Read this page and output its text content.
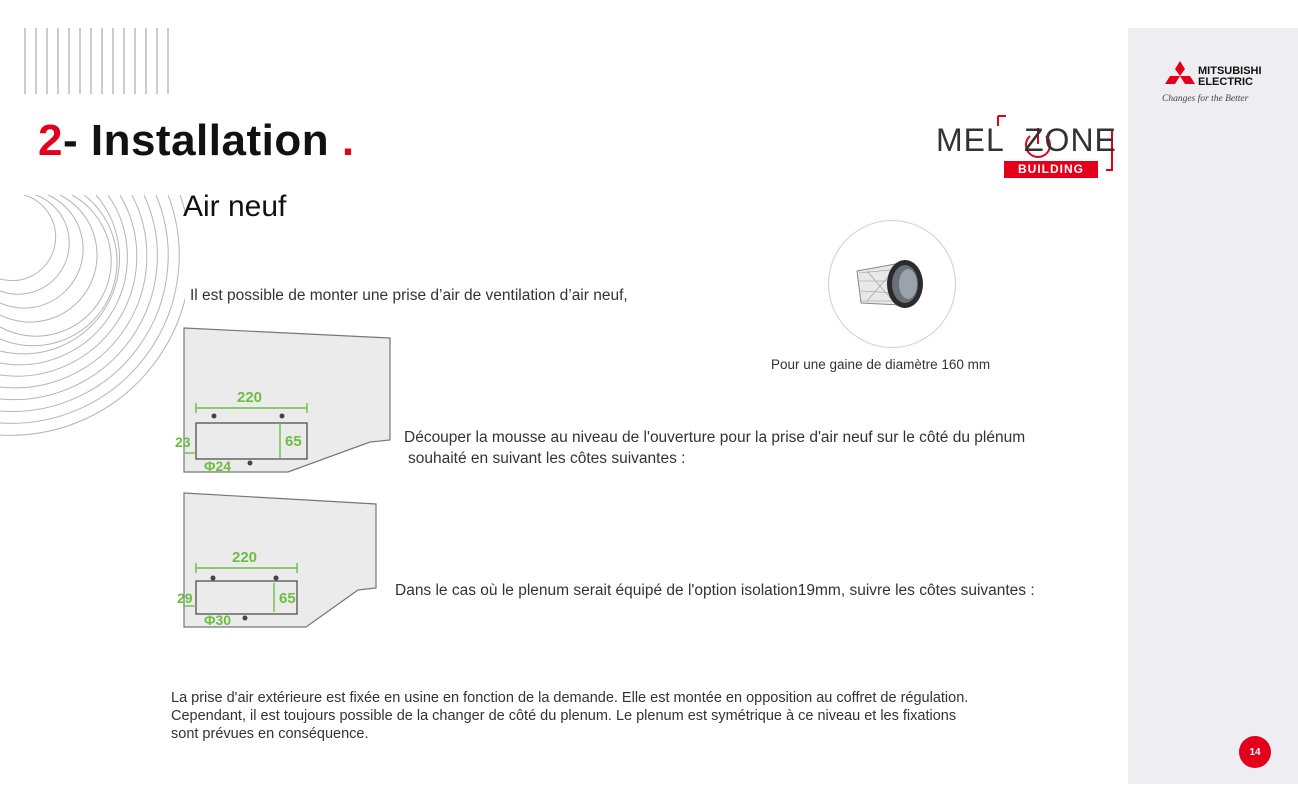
2- Installation .
Air neuf
MEL ZONE
BUILDING
MITSUBISHI
ELECTRIC
Changes for the Better
Il est possible de monter une prise d’air de ventilation d’air neuf,
Pour une gaine de diamètre 160 mm
220
65
23
Φ24
Découper la mousse au niveau de l'ouverture pour la prise d'air neuf sur le côté du plénum
souhaité en suivant les côtes suivantes :
220
65
29
Φ30
Dans le cas où le plenum serait équipé de l'option isolation19mm, suivre les côtes suivantes :
La prise d'air extérieure est fixée en usine en fonction de la demande. Elle est montée en opposition au coffret de régulation.
Cependant, il est toujours possible de la changer de côté du plenum. Le plenum est symétrique à ce niveau et les fixations
sont prévues en conséquence.
14
